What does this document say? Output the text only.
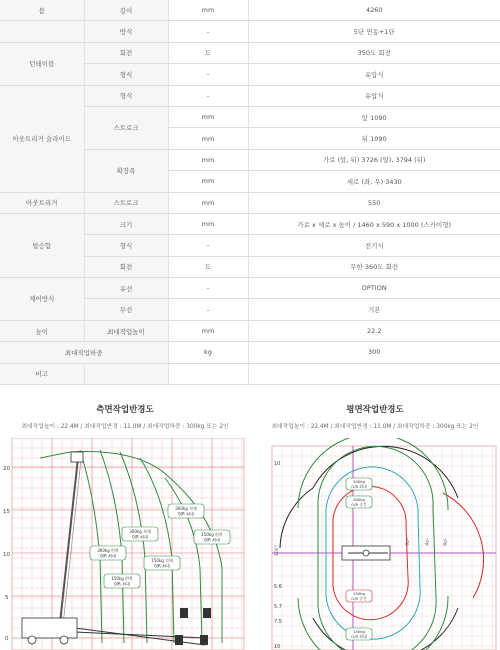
붐	길이	mm	4260
	방식	-	5단 연동+1단
턴테이블	회전	도	350도 회전
	형식	-	유압식
아웃트리거 슬라이드	형식	-	유압식
	스트로크	mm	앞 1090
		mm	뒤 1090
	확장폭	mm	가로 (앞, 뒤) 3726 (앞), 3794 (뒤)
		mm	세로 (좌, 우) 3430
아웃트리거	스트로크	mm	550
탑승함	크기	mm	가로 x 세로 x 높이 / 1460 x 590 x 1000 (스카이형)
	형식	-	전기식
	회전	도	무한 360도 회전
제어방식	유선	-	OPTION
	무선	-	기본
높이	최대작업높이	mm	22.2
최대작업하중		kg	300
비고			
측면작업반경도
최대작업높이 : 22.4M / 최대작업반경 : 11.0M / 최대작업하중 : 300kg 또는 2인
평면작업반경도
최대작업높이 : 22.4M / 최대작업반경 : 11.0M / 최대작업하중 : 300kg 또는 2인
20
15
10
5
0
300kg 적재
0/R 최대
300kg 적재
0/R 최대	150kg 편측
0/R 최대
300kg 편측
0/R 최대
150kg 적재
0/R 최대
150kg 편측
0/R 최대
300kg
O/R 최대
300kg
O/R 중간
150kg
O/R 중간
150kg
O/R 최대
100°
60°	45° 60°
10
5.6
5.7
7.5
10
